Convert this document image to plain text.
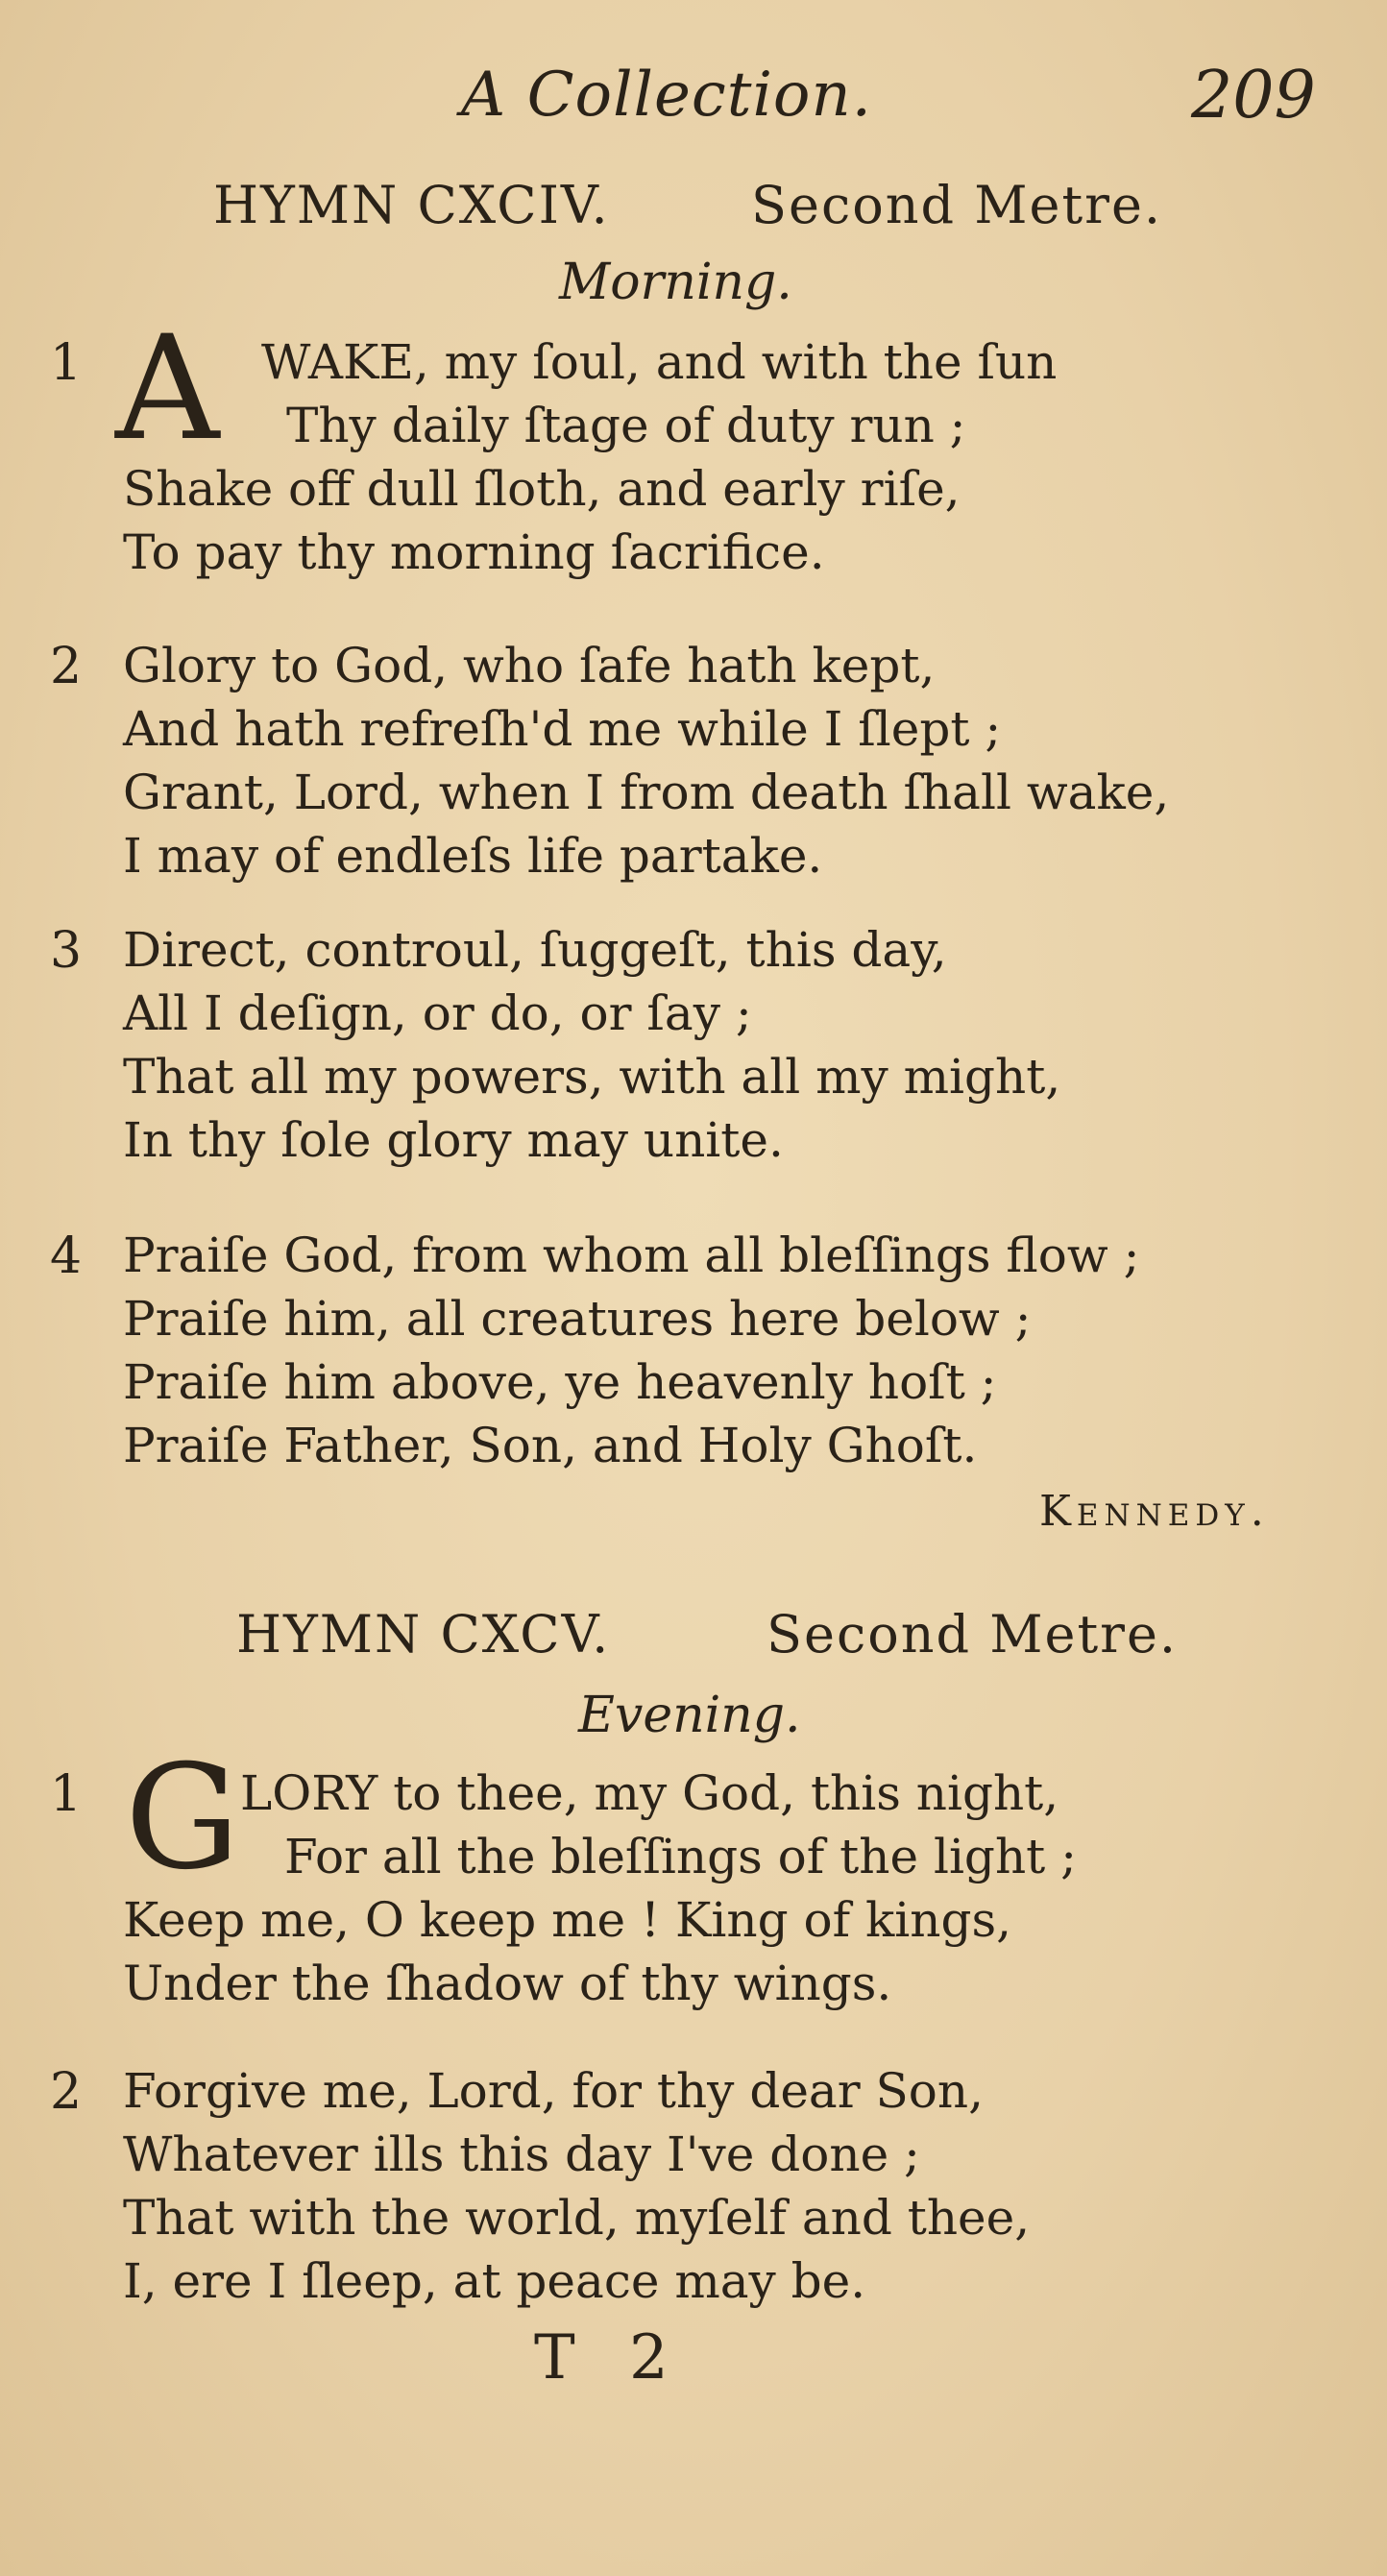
A Collection.	209
HYMN CXCIV.	Second Metre.
Morning.
A
1	WAKE, my ſoul, and with the ſun
Thy daily ſtage of duty run ;
Shake off dull ſloth, and early riſe,
To pay thy morning ſacrifice.
2 Glory to God, who ſafe hath kept,
And hath refreſh'd me while I ſlept ;
Grant, Lord, when I from death ſhall wake,
I may of endleſs life partake.
3 Direct, controul, ſuggeſt, this day,
All I deſign, or do, or ſay ;
That all my powers, with all my might,
In thy ſole glory may unite.
4 Praiſe God, from whom all bleſſings flow ;
Praiſe him, all creatures here below ;
Praiſe him above, ye heavenly hoſt ;
Praiſe Father, Son, and Holy Ghoſt.
Kennedy.
HYMN CXCV.	Second Metre.
Evening.
G
1	LORY to thee, my God, this night,
For all the bleſſings of the light ;
Keep me, O keep me ! King of kings,
Under the ſhadow of thy wings.
2 Forgive me, Lord, for thy dear Son,
Whatever ills this day I've done ;
That with the world, myſelf and thee,
I, ere I ſleep, at peace may be.
T 2
